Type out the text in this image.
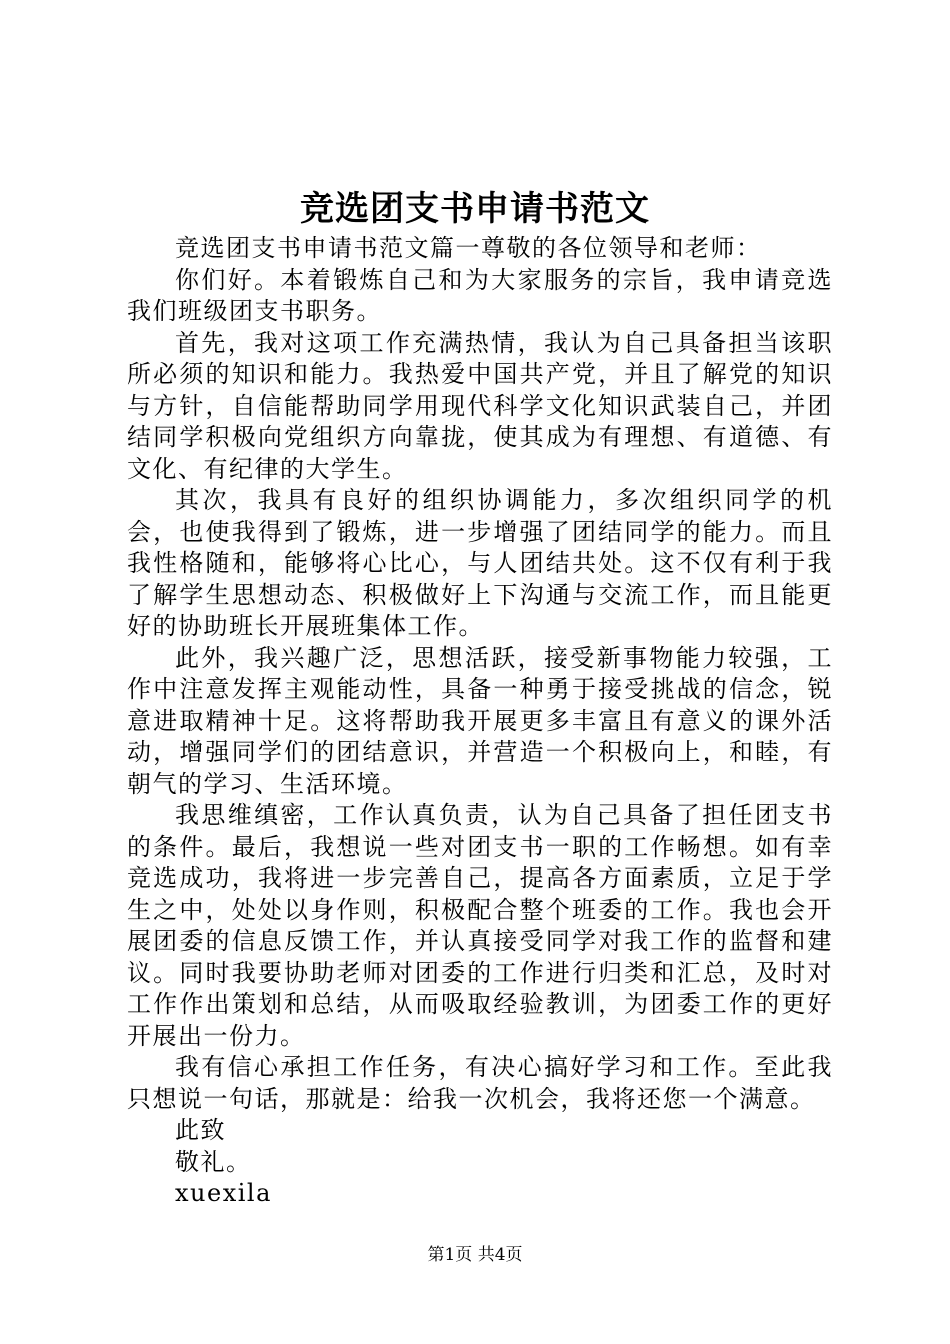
竞选团支书申请书范文

竞选团支书申请书范文篇一尊敬的各位领导和老师：

你们好。本着锻炼自己和为大家服务的宗旨，我申请竞选我们班级团支书职务。

首先，我对这项工作充满热情，我认为自己具备担当该职所必须的知识和能力。我热爱中国共产党，并且了解党的知识与方针，自信能帮助同学用现代科学文化知识武装自己，并团结同学积极向党组织方向靠拢，使其成为有理想、有道德、有文化、有纪律的大学生。

其次，我具有良好的组织协调能力，多次组织同学的机会，也使我得到了锻炼，进一步增强了团结同学的能力。而且我性格随和，能够将心比心，与人团结共处。这不仅有利于我了解学生思想动态、积极做好上下沟通与交流工作，而且能更好的协助班长开展班集体工作。

此外，我兴趣广泛，思想活跃，接受新事物能力较强，工作中注意发挥主观能动性，具备一种勇于接受挑战的信念，锐意进取精神十足。这将帮助我开展更多丰富且有意义的课外活动，增强同学们的团结意识，并营造一个积极向上，和睦，有朝气的学习、生活环境。

我思维缜密，工作认真负责，认为自己具备了担任团支书的条件。最后，我想说一些对团支书一职的工作畅想。如有幸竞选成功，我将进一步完善自己，提高各方面素质，立足于学生之中，处处以身作则，积极配合整个班委的工作。我也会开展团委的信息反馈工作，并认真接受同学对我工作的监督和建议。同时我要协助老师对团委的工作进行归类和汇总，及时对工作作出策划和总结，从而吸取经验教训，为团委工作的更好开展出一份力。

我有信心承担工作任务，有决心搞好学习和工作。至此我只想说一句话，那就是：给我一次机会，我将还您一个满意。

此致

敬礼。

xuexila

第1页 共4页
